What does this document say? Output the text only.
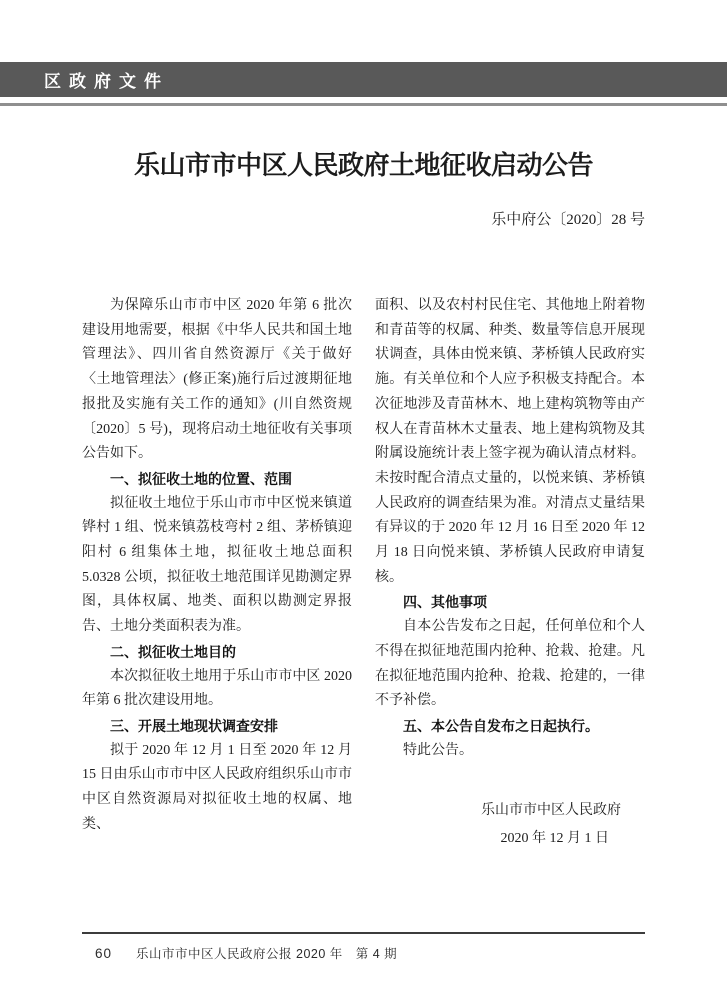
区政府文件
乐山市市中区人民政府土地征收启动公告
乐中府公〔2020〕28 号
为保障乐山市市中区 2020 年第 6 批次建设用地需要，根据《中华人民共和国土地管理法》、四川省自然资源厅《关于做好〈土地管理法〉(修正案)施行后过渡期征地报批及实施有关工作的通知》(川自然资规〔2020〕5 号)，现将启动土地征收有关事项公告如下。
一、拟征收土地的位置、范围
拟征收土地位于乐山市市中区悦来镇道铧村 1 组、悦来镇荔枝弯村 2 组、茅桥镇迎阳村 6 组集体土地，拟征收土地总面积 5.0328 公顷，拟征收土地范围详见勘测定界图，具体权属、地类、面积以勘测定界报告、土地分类面积表为准。
二、拟征收土地目的
本次拟征收土地用于乐山市市中区 2020 年第 6 批次建设用地。
三、开展土地现状调查安排
拟于 2020 年 12 月 1 日至 2020 年 12 月 15 日由乐山市市中区人民政府组织乐山市市中区自然资源局对拟征收土地的权属、地类、
面积、以及农村村民住宅、其他地上附着物和青苗等的权属、种类、数量等信息开展现状调查，具体由悦来镇、茅桥镇人民政府实施。有关单位和个人应予积极支持配合。本次征地涉及青苗林木、地上建构筑物等由产权人在青苗林木丈量表、地上建构筑物及其附属设施统计表上签字视为确认清点材料。未按时配合清点丈量的，以悦来镇、茅桥镇人民政府的调查结果为准。对清点丈量结果有异议的于 2020 年 12 月 16 日至 2020 年 12 月 18 日向悦来镇、茅桥镇人民政府申请复核。
四、其他事项
自本公告发布之日起，任何单位和个人不得在拟征地范围内抢种、抢栽、抢建。凡在拟征地范围内抢种、抢栽、抢建的，一律不予补偿。
五、本公告自发布之日起执行。
特此公告。
乐山市市中区人民政府
2020 年 12 月 1 日
60 乐山市市中区人民政府公报 2020 年　第 4 期
